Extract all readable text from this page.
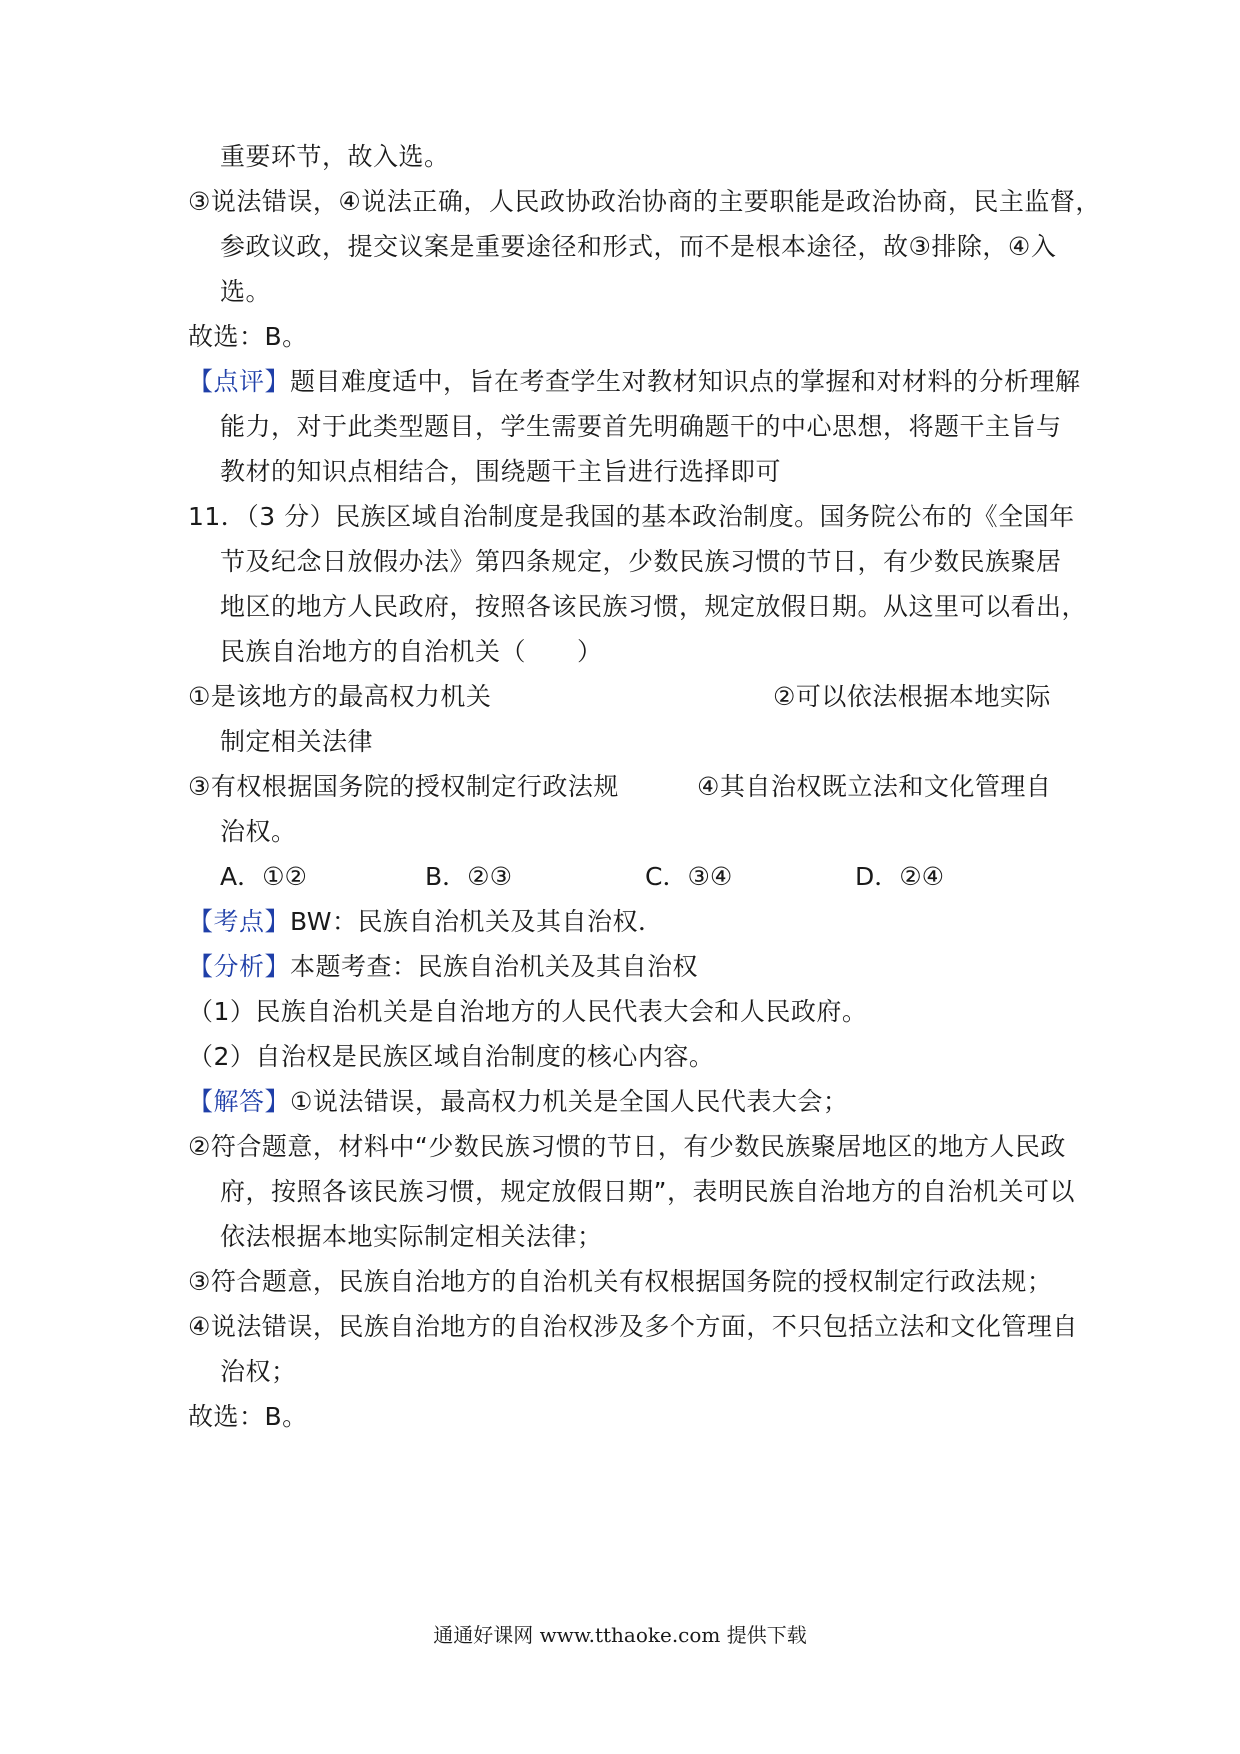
重要环节，故入选。
③说法错误，④说法正确，人民政协政治协商的主要职能是政治协商，民主监督，
参政议政，提交议案是重要途径和形式，而不是根本途径，故③排除，④入
选。
故选：B。
【点评】题目难度适中，旨在考查学生对教材知识点的掌握和对材料的分析理解
能力，对于此类型题目，学生需要首先明确题干的中心思想，将题干主旨与
教材的知识点相结合，围绕题干主旨进行选择即可
11．（3 分）民族区域自治制度是我国的基本政治制度。国务院公布的《全国年
节及纪念日放假办法》第四条规定，少数民族习惯的节日，有少数民族聚居
地区的地方人民政府，按照各该民族习惯，规定放假日期。从这里可以看出，
民族自治地方的自治机关（　　）
①是该地方的最高权力机关	②可以依法根据本地实际
制定相关法律
③有权根据国务院的授权制定行政法规	④其自治权既立法和文化管理自
治权。
A．①②	B．②③	C．③④	D．②④
【考点】BW：民族自治机关及其自治权．
【分析】本题考查：民族自治机关及其自治权
（1）民族自治机关是自治地方的人民代表大会和人民政府。
（2）自治权是民族区域自治制度的核心内容。
【解答】①说法错误，最高权力机关是全国人民代表大会；
②符合题意，材料中“少数民族习惯的节日，有少数民族聚居地区的地方人民政
府，按照各该民族习惯，规定放假日期”，表明民族自治地方的自治机关可以
依法根据本地实际制定相关法律；
③符合题意，民族自治地方的自治机关有权根据国务院的授权制定行政法规；
④说法错误，民族自治地方的自治权涉及多个方面，不只包括立法和文化管理自
治权；
故选：B。
通通好课网 www.tthaoke.com 提供下载
